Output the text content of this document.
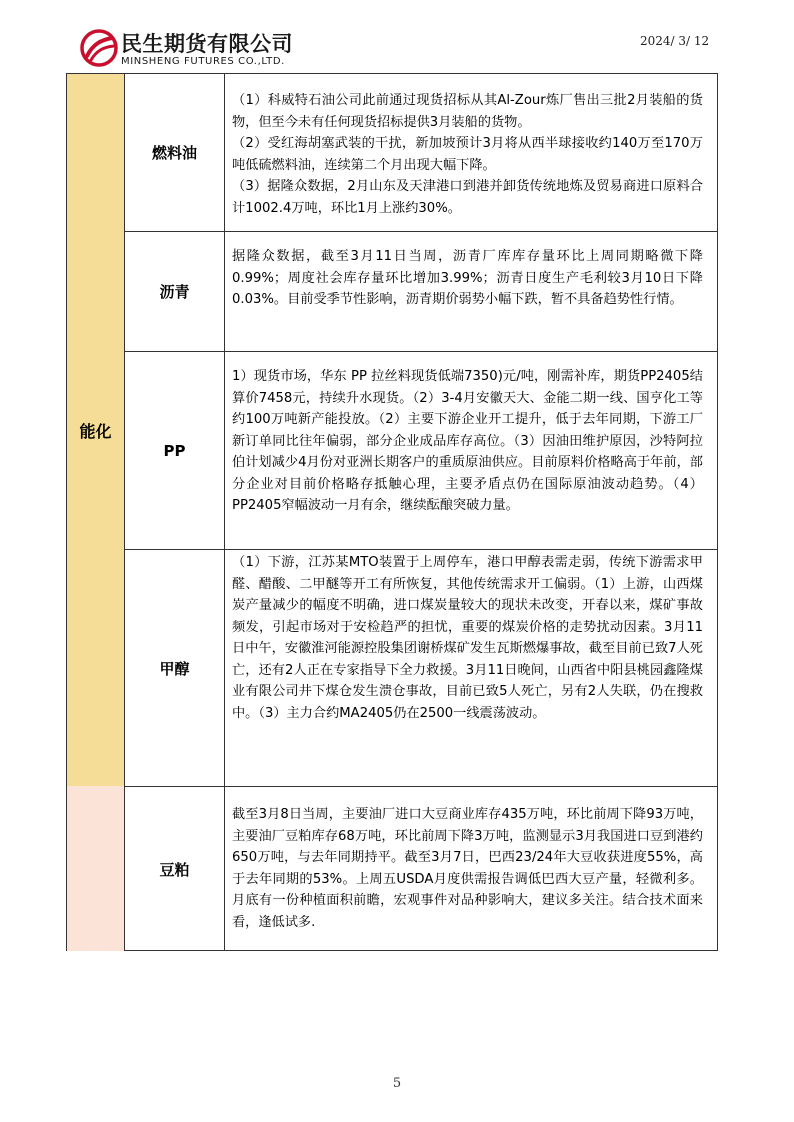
民生期货有限公司
MINSHENG FUTURES CO.,LTD.
2024/ 3/ 12
能化
燃料油

（1）科威特石油公司此前通过现货招标从其Al-Zour炼厂售出三批2月装船的货物，但至今未有任何现货招标提供3月装船的货物。

（2）受红海胡塞武装的干扰，新加坡预计3月将从西半球接收约140万至170万吨低硫燃料油，连续第二个月出现大幅下降。

（3）据隆众数据，2月山东及天津港口到港并卸货传统地炼及贸易商进口原料合计1002.4万吨，环比1月上涨约30%。

沥青

据隆众数据，截至3月11日当周，沥青厂库库存量环比上周同期略微下降0.99%；周度社会库存量环比增加3.99%；沥青日度生产毛利较3月10日下降0.03%。目前受季节性影响，沥青期价弱势小幅下跌，暂不具备趋势性行情。

PP

1）现货市场，华东 PP 拉丝料现货低端7350)元/吨，刚需补库，期货PP2405结算价7458元，持续升水现货。（2）3-4月安徽天大、金能二期一线、国亨化工等约100万吨新产能投放。（2）主要下游企业开工提升，低于去年同期，下游工厂新订单同比往年偏弱，部分企业成品库存高位。（3）因油田维护原因，沙特阿拉伯计划减少4月份对亚洲长期客户的重质原油供应。目前原料价格略高于年前，部分企业对目前价格略存抵触心理，主要矛盾点仍在国际原油波动趋势。（4）PP2405窄幅波动一月有余，继续酝酿突破力量。

甲醇

（1）下游，江苏某MTO装置于上周停车，港口甲醇表需走弱，传统下游需求甲醛、醋酸、二甲醚等开工有所恢复，其他传统需求开工偏弱。（1）上游，山西煤炭产量减少的幅度不明确，进口煤炭量较大的现状未改变，开春以来，煤矿事故频发，引起市场对于安检趋严的担忧，重要的煤炭价格的走势扰动因素。3月11日中午，安徽淮河能源控股集团谢桥煤矿发生瓦斯燃爆事故，截至目前已致7人死亡，还有2人正在专家指导下全力救援。3月11日晚间，山西省中阳县桃园鑫隆煤业有限公司井下煤仓发生溃仓事故，目前已致5人死亡，另有2人失联，仍在搜救中。（3）主力合约MA2405仍在2500一线震荡波动。

豆粕

截至3月8日当周，主要油厂进口大豆商业库存435万吨，环比前周下降93万吨，主要油厂豆粕库存68万吨，环比前周下降3万吨，监测显示3月我国进口豆到港约650万吨，与去年同期持平。截至3月7日，巴西23/24年大豆收获进度55%，高于去年同期的53%。上周五USDA月度供需报告调低巴西大豆产量，轻微利多。月底有一份种植面积前瞻，宏观事件对品种影响大，建议多关注。结合技术面来看，逢低试多.

5
